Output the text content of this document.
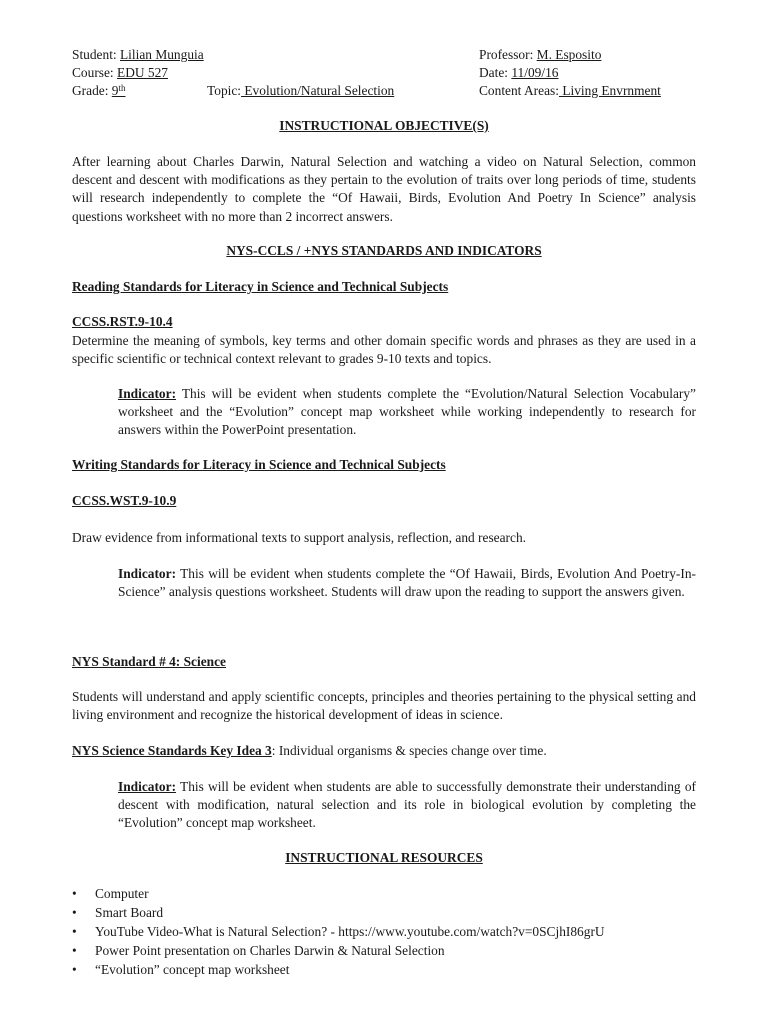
Student: Lilian Munguia	Professor: M. Esposito
Course: EDU 527	Date: 11/09/16
Grade: 9th	Topic: Evolution/Natural Selection	Content Areas: Living Envrnment
INSTRUCTIONAL OBJECTIVE(S)
After learning about Charles Darwin, Natural Selection and watching a video on Natural Selection, common descent and descent with modifications as they pertain to the evolution of traits over long periods of time, students will research independently to complete the “Of Hawaii, Birds, Evolution And Poetry In Science” analysis questions worksheet with no more than 2 incorrect answers.
NYS-CCLS / +NYS STANDARDS AND INDICATORS
Reading Standards for Literacy in Science and Technical Subjects
CCSS.RST.9-10.4
Determine the meaning of symbols, key terms and other domain specific words and phrases as they are used in a specific scientific or technical context relevant to grades 9-10 texts and topics.
Indicator: This will be evident when students complete the “Evolution/Natural Selection Vocabulary” worksheet and the “Evolution” concept map worksheet while working independently to research for answers within the PowerPoint presentation.
Writing Standards for Literacy in Science and Technical Subjects
CCSS.WST.9-10.9
Draw evidence from informational texts to support analysis, reflection, and research.
Indicator: This will be evident when students complete the “Of Hawaii, Birds, Evolution And Poetry-In-Science” analysis questions worksheet. Students will draw upon the reading to support the answers given.
NYS Standard # 4: Science
Students will understand and apply scientific concepts, principles and theories pertaining to the physical setting and living environment and recognize the historical development of ideas in science.
NYS Science Standards Key Idea 3: Individual organisms & species change over time.
Indicator: This will be evident when students are able to successfully demonstrate their understanding of descent with modification, natural selection and its role in biological evolution by completing the “Evolution” concept map worksheet.
INSTRUCTIONAL RESOURCES
• Computer
• Smart Board
• YouTube Video-What is Natural Selection? - https://www.youtube.com/watch?v=0SCjhI86grU
• Power Point presentation on Charles Darwin & Natural Selection
• “Evolution” concept map worksheet
